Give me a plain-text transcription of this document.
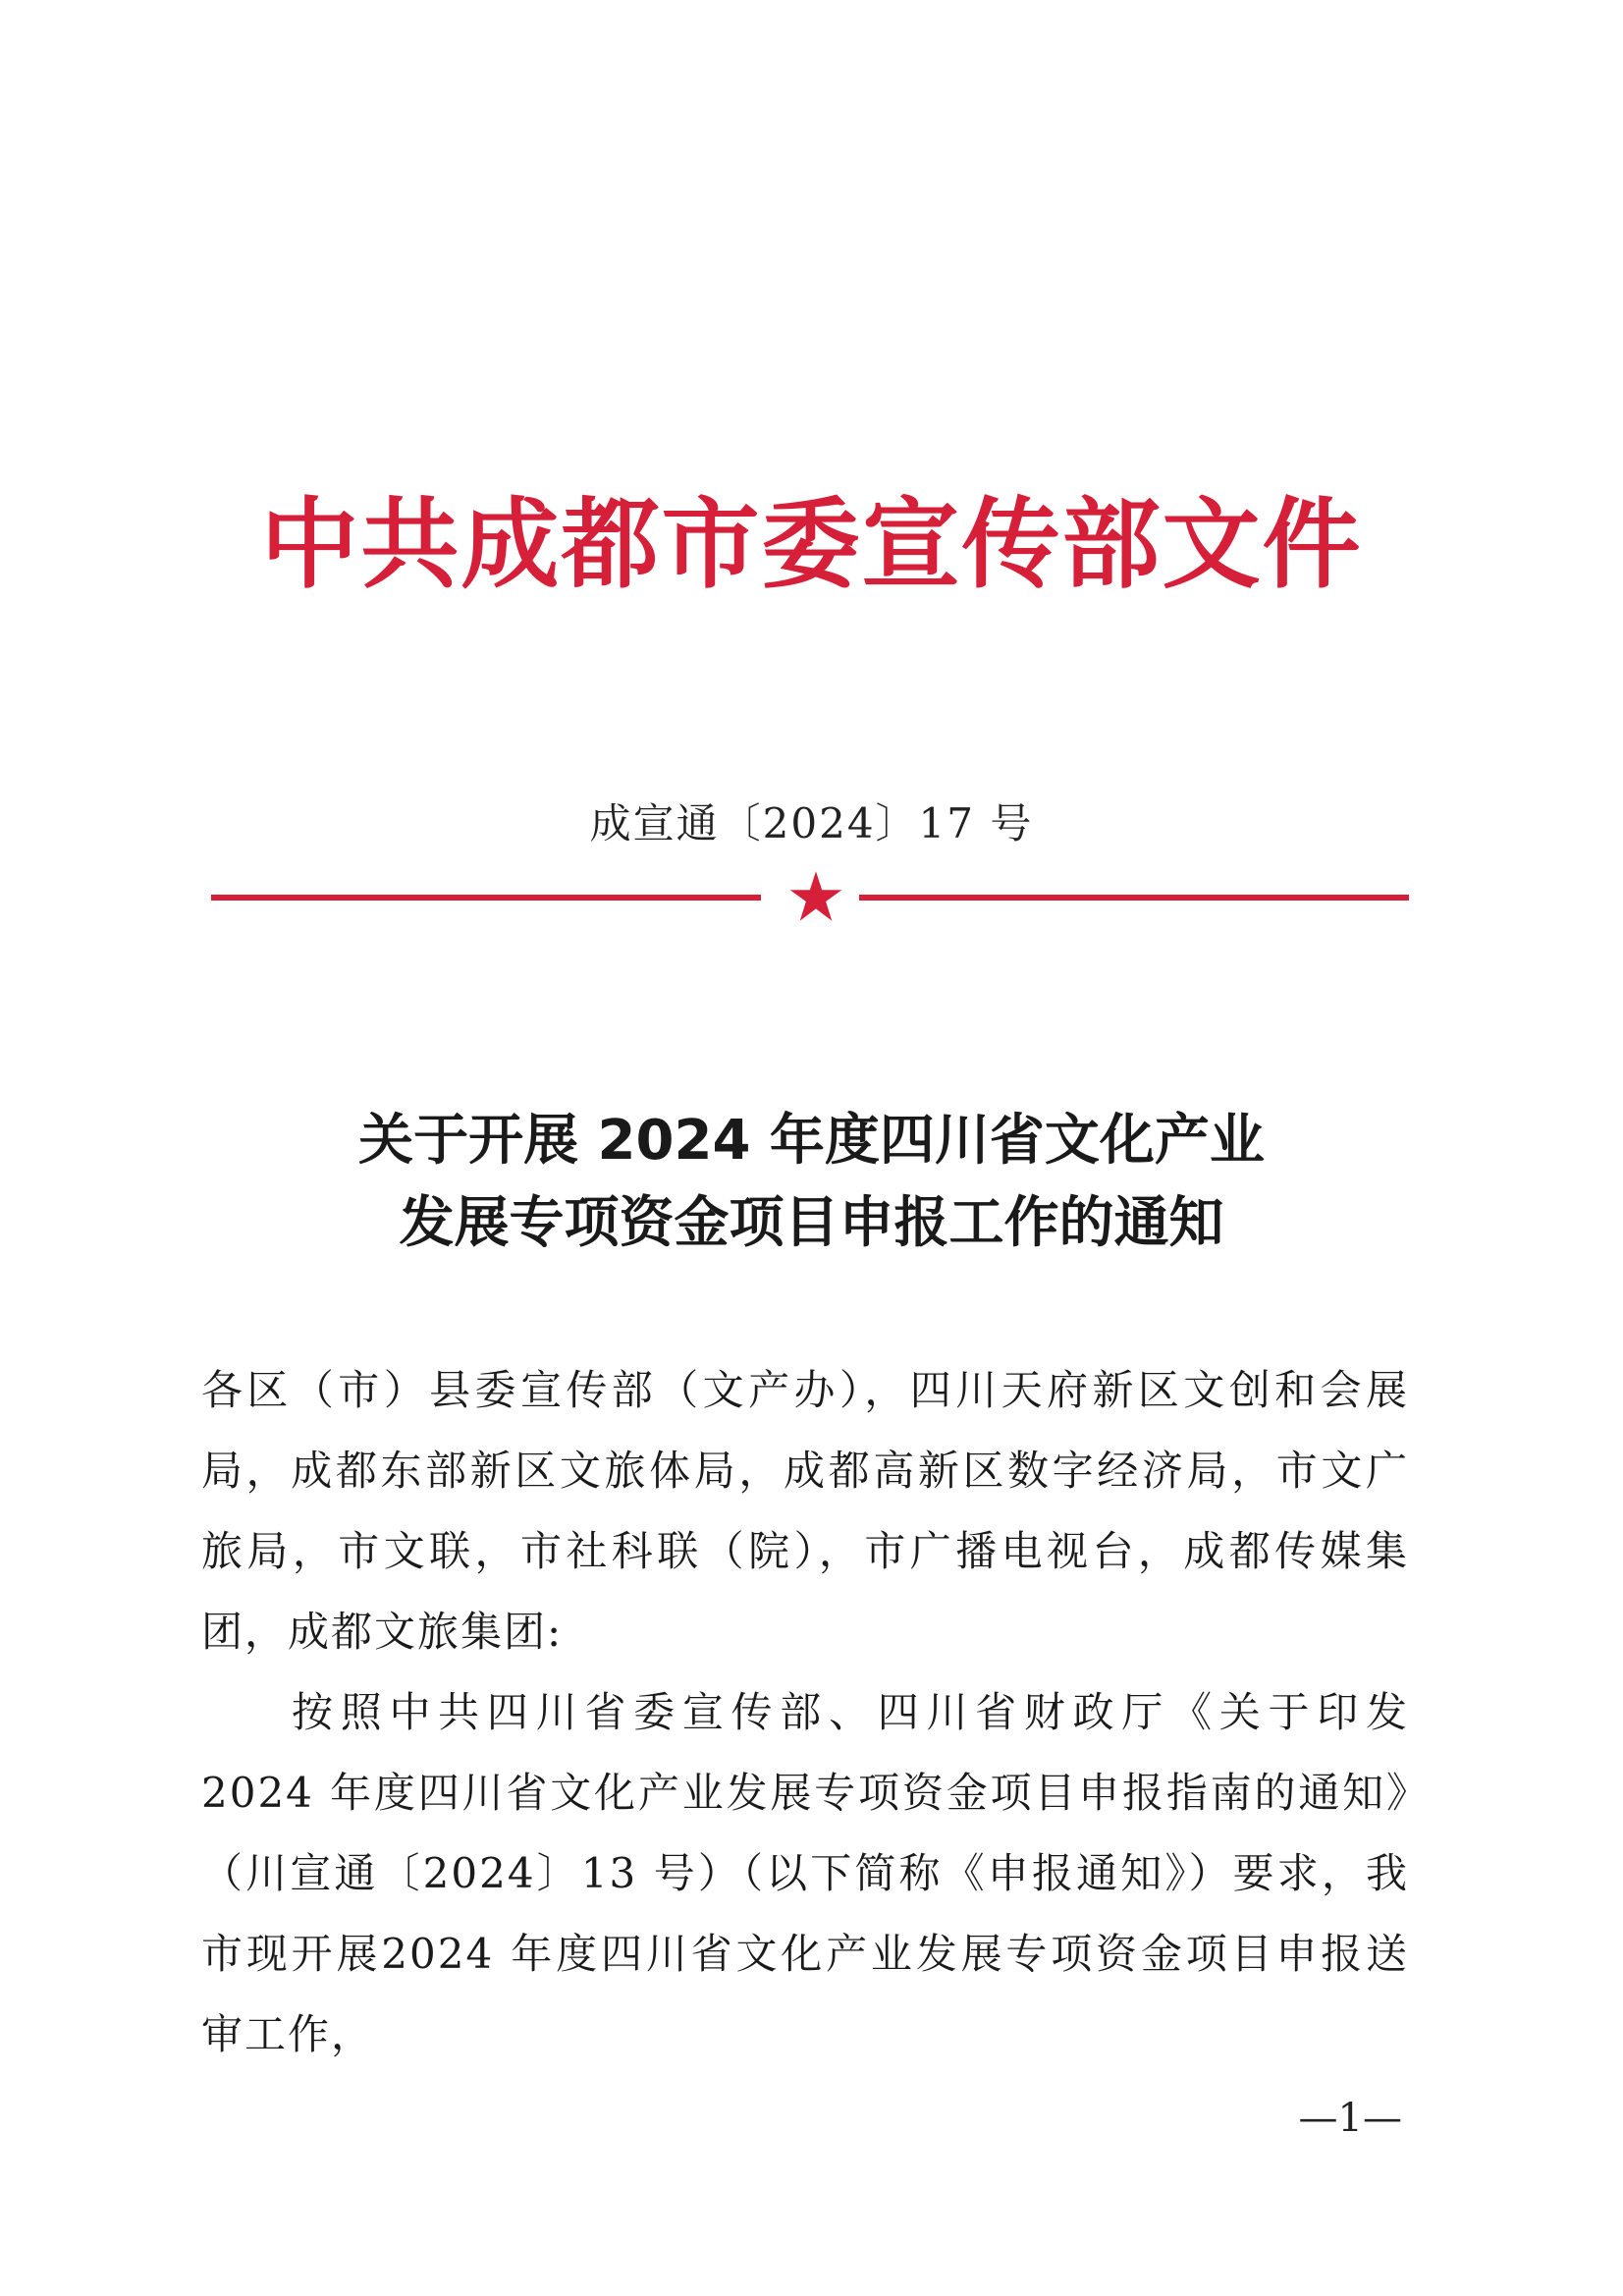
中共成都市委宣传部文件
成宣通〔2024〕17 号
关于开展 2024 年度四川省文化产业
发展专项资金项目申报工作的通知

各区（市）县委宣传部（文产办），四川天府新区文创和会展局，成都东部新区文旅体局，成都高新区数字经济局，市文广旅局，市文联，市社科联（院），市广播电视台，成都传媒集团，成都文旅集团:

按照中共四川省委宣传部、四川省财政厅《关于印发 2024 年度四川省文化产业发展专项资金项目申报指南的通知》（川宣通〔2024〕13 号）（以下简称《申报通知》）要求，我市现开展2024 年度四川省文化产业发展专项资金项目申报送审工作，

—1—
